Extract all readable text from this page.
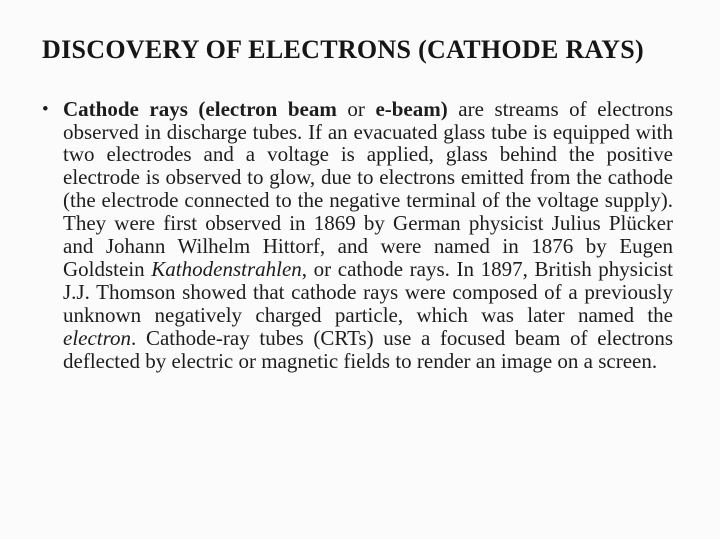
DISCOVERY OF ELECTRONS (CATHODE RAYS)
• Cathode rays (electron beam or e-beam) are streams of electrons observed in discharge tubes. If an evacuated glass tube is equipped with two electrodes and a voltage is applied, glass behind the positive electrode is observed to glow, due to electrons emitted from the cathode (the electrode connected to the negative terminal of the voltage supply). They were first observed in 1869 by German physicist Julius Plücker and Johann Wilhelm Hittorf, and were named in 1876 by Eugen Goldstein Kathodenstrahlen, or cathode rays. In 1897, British physicist J.J. Thomson showed that cathode rays were composed of a previously unknown negatively charged particle, which was later named the electron. Cathode-ray tubes (CRTs) use a focused beam of electrons deflected by electric or magnetic fields to render an image on a screen.
